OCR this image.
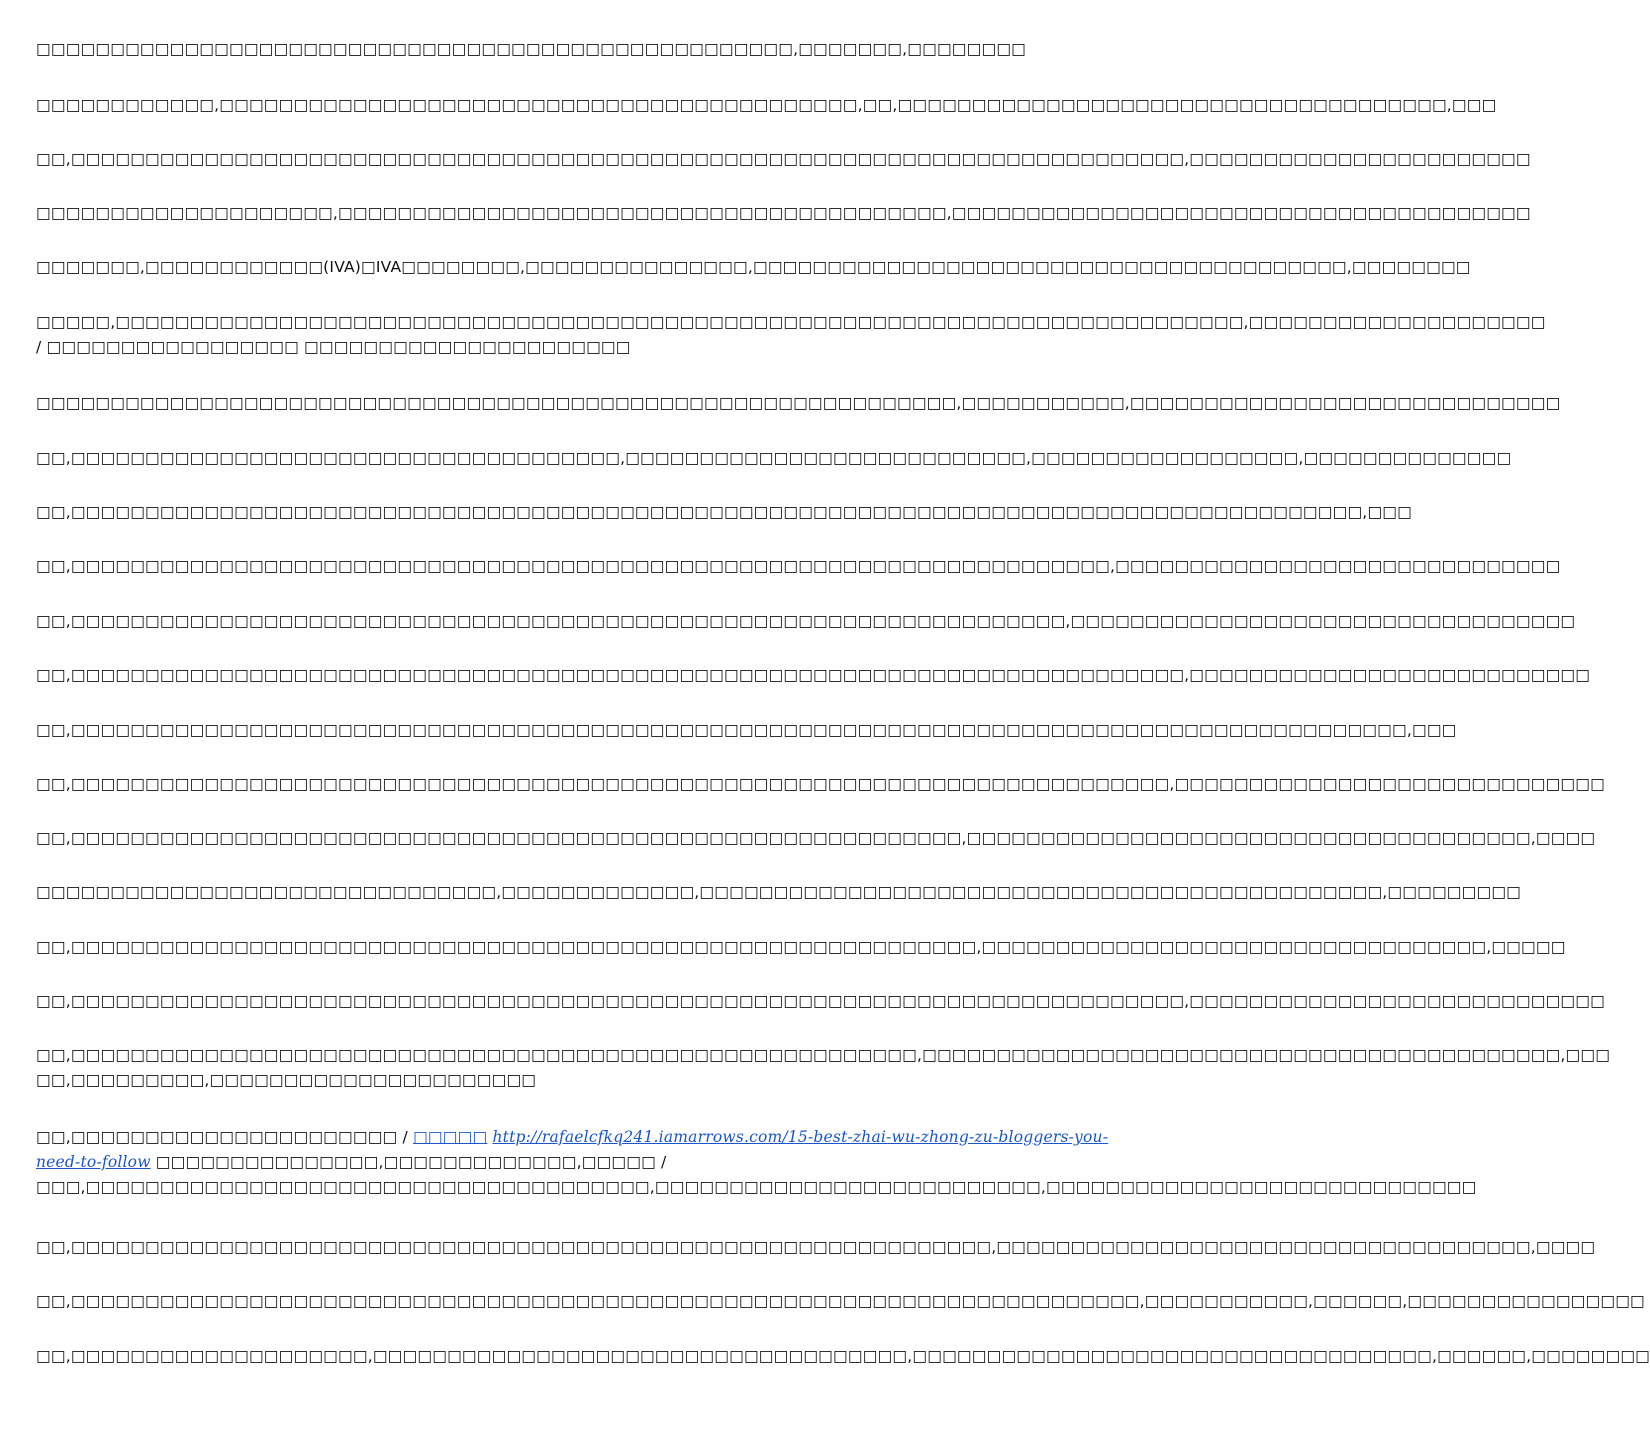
□□□□□□□□□□□□□□□□□□□□□□□□□□□□□□□□□□□□□□□□□□□□□□□□□□□,□□□□□□□,□□□□□□□□

□□□□□□□□□□□□,□□□□□□□□□□□□□□□□□□□□□□□□□□□□□□□□□□□□□□□□□□□,□□,□□□□□□□□□□□□□□□□□□□□□□□□□□□□□□□□□□□□□,□□□

□□,□□□□□□□□□□□□□□□□□□□□□□□□□□□□□□□□□□□□□□□□□□□□□□□□□□□□□□□□□□□□□□□□□□□□□□□□□□□,□□□□□□□□□□□□□□□□□□□□□□□

□□□□□□□□□□□□□□□□□□□□,□□□□□□□□□□□□□□□□□□□□□□□□□□□□□□□□□□□□□□□□□,□□□□□□□□□□□□□□□□□□□□□□□□□□□□□□□□□□□□□□□

□□□□□□□,□□□□□□□□□□□□(IVA)□IVA□□□□□□□□,□□□□□□□□□□□□□□□,□□□□□□□□□□□□□□□□□□□□□□□□□□□□□□□□□□□□□□□□,□□□□□□□□

□□□□□,□□□□□□□□□□□□□□□□□□□□□□□□□□□□□□□□□□□□□□□□□□□□□□□□□□□□□□□□□□□□□□□□□□□□□□□□□□□□,□□□□□□□□□□□□□□□□□□□□
/ □□□□□□□□□□□□□□□□□ □□□□□□□□□□□□□□□□□□□□□□

□□□□□□□□□□□□□□□□□□□□□□□□□□□□□□□□□□□□□□□□□□□□□□□□□□□□□□□□□□□□□□,□□□□□□□□□□□,□□□□□□□□□□□□□□□□□□□□□□□□□□□□□

□□,□□□□□□□□□□□□□□□□□□□□□□□□□□□□□□□□□□□□□,□□□□□□□□□□□□□□□□□□□□□□□□□□□,□□□□□□□□□□□□□□□□□□,□□□□□□□□□□□□□□

□□,□□□□□□□□□□□□□□□□□□□□□□□□□□□□□□□□□□□□□□□□□□□□□□□□□□□□□□□□□□□□□□□□□□□□□□□□□□□□□□□□□□□□□□□,□□□

□□,□□□□□□□□□□□□□□□□□□□□□□□□□□□□□□□□□□□□□□□□□□□□□□□□□□□□□□□□□□□□□□□□□□□□□□,□□□□□□□□□□□□□□□□□□□□□□□□□□□□□□

□□,□□□□□□□□□□□□□□□□□□□□□□□□□□□□□□□□□□□□□□□□□□□□□□□□□□□□□□□□□□□□□□□□□□□,□□□□□□□□□□□□□□□□□□□□□□□□□□□□□□□□□□

□□,□□□□□□□□□□□□□□□□□□□□□□□□□□□□□□□□□□□□□□□□□□□□□□□□□□□□□□□□□□□□□□□□□□□□□□□□□□□,□□□□□□□□□□□□□□□□□□□□□□□□□□□

□□,□□□□□□□□□□□□□□□□□□□□□□□□□□□□□□□□□□□□□□□□□□□□□□□□□□□□□□□□□□□□□□□□□□□□□□□□□□□□□□□□□□□□□□□□□□,□□□

□□,□□□□□□□□□□□□□□□□□□□□□□□□□□□□□□□□□□□□□□□□□□□□□□□□□□□□□□□□□□□□□□□□□□□□□□□□□□,□□□□□□□□□□□□□□□□□□□□□□□□□□□□□

□□,□□□□□□□□□□□□□□□□□□□□□□□□□□□□□□□□□□□□□□□□□□□□□□□□□□□□□□□□□□□□,□□□□□□□□□□□□□□□□□□□□□□□□□□□□□□□□□□□□□□,□□□□

□□□□□□□□□□□□□□□□□□□□□□□□□□□□□□□,□□□□□□□□□□□□□,□□□□□□□□□□□□□□□□□□□□□□□□□□□□□□□□□□□□□□□□□□□□□□,□□□□□□□□□

□□,□□□□□□□□□□□□□□□□□□□□□□□□□□□□□□□□□□□□□□□□□□□□□□□□□□□□□□□□□□□□□,□□□□□□□□□□□□□□□□□□□□□□□□□□□□□□□□□□,□□□□□

□□,□□□□□□□□□□□□□□□□□□□□□□□□□□□□□□□□□□□□□□□□□□□□□□□□□□□□□□□□□□□□□□□□□□□□□□□□□□□,□□□□□□□□□□□□□□□□□□□□□□□□□□□□

□□,□□□□□□□□□□□□□□□□□□□□□□□□□□□□□□□□□□□□□□□□□□□□□□□□□□□□□□□□□,□□□□□□□□□□□□□□□□□□□□□□□□□□□□□□□□□□□□□□□□□□□,□□□
□□,□□□□□□□□□,□□□□□□□□□□□□□□□□□□□□□□
□□,□□□□□□□□□□□□□□□□□□□□□□ / □□□□□ http://rafaelcfkq241.iamarrows.com/15-best-zhai-wu-zhong-zu-bloggers-you-
need-to-follow □□□□□□□□□□□□□□□,□□□□□□□□□□□□□,□□□□□ /
□□□,□□□□□□□□□□□□□□□□□□□□□□□□□□□□□□□□□□□□□□,□□□□□□□□□□□□□□□□□□□□□□□□□□,□□□□□□□□□□□□□□□□□□□□□□□□□□□□□

□□,□□□□□□□□□□□□□□□□□□□□□□□□□□□□□□□□□□□□□□□□□□□□□□□□□□□□□□□□□□□□□□,□□□□□□□□□□□□□□□□□□□□□□□□□□□□□□□□□□□□,□□□□

□□,□□□□□□□□□□□□□□□□□□□□□□□□□□□□□□□□□□□□□□□□□□□□□□□□□□□□□□□□□□□□□□□□□□□□□□□□,□□□□□□□□□□□,□□□□□□,□□□□□□□□□□□□□□□□

□□,□□□□□□□□□□□□□□□□□□□□,□□□□□□□□□□□□□□□□□□□□□□□□□□□□□□□□□□□□,□□□□□□□□□□□□□□□□□□□□□□□□□□□□□□□□□□□,□□□□□□,□□□□□□□□
